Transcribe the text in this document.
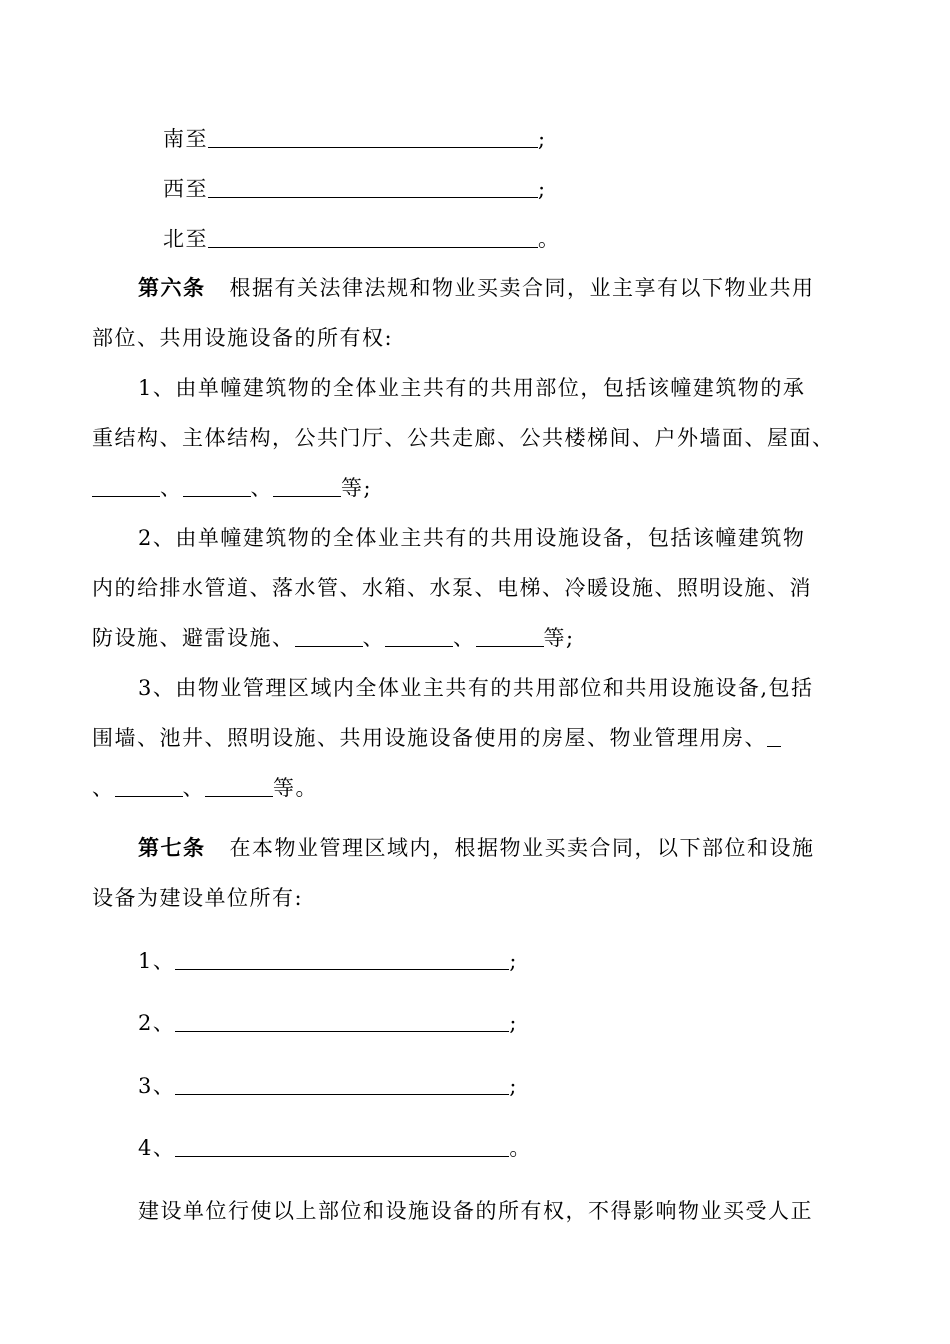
南至	;
西至	;
北至	。
第六条 根据有关法律法规和物业买卖合同，业主享有以下物业共用
部位、共用设施设备的所有权:
1、由单幢建筑物的全体业主共有的共用部位，包括该幢建筑物的承
重结构、主体结构，公共门厅、公共走廊、公共楼梯间、户外墙面、屋面、
、	、	等;
2、由单幢建筑物的全体业主共有的共用设施设备，包括该幢建筑物
内的给排水管道、落水管、水箱、水泵、电梯、冷暖设施、照明设施、消
防设施、避雷设施、	、	、	等;
3、由物业管理区域内全体业主共有的共用部位和共用设施设备,包括
围墙、池井、照明设施、共用设施设备使用的房屋、物业管理用房、
、	、	等。
第七条 在本物业管理区域内，根据物业买卖合同，以下部位和设施
设备为建设单位所有:
1、	;
2、	;
3、	;
4、	。
建设单位行使以上部位和设施设备的所有权，不得影响物业买受人正
